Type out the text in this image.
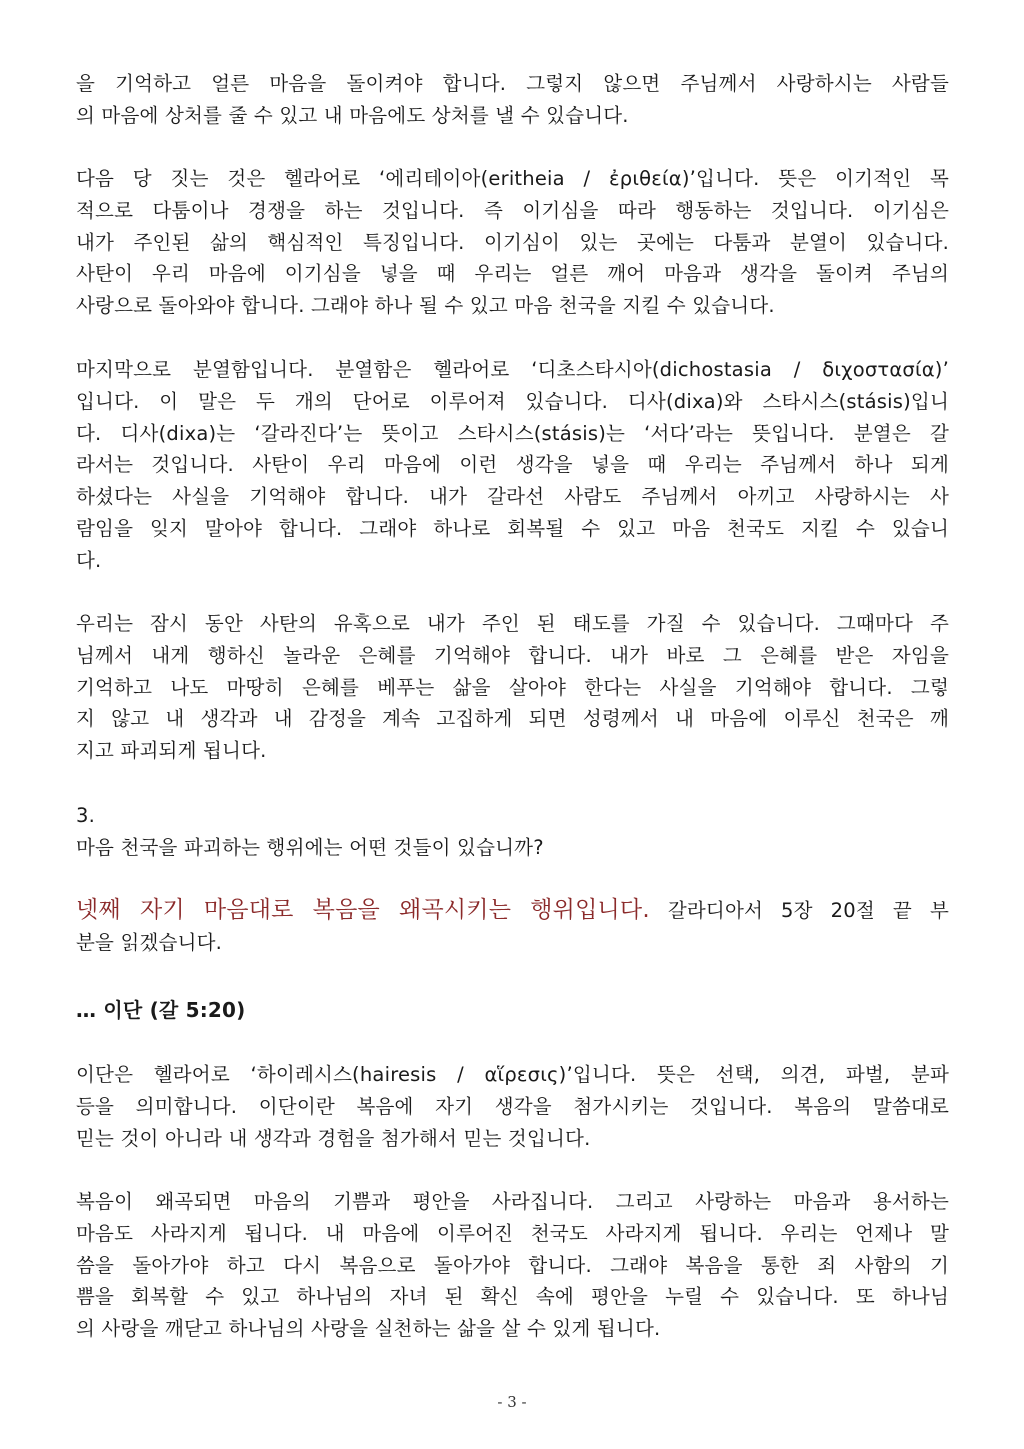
을 기억하고 얼른 마음을 돌이켜야 합니다. 그렇지 않으면 주님께서 사랑하시는 사람들
의 마음에 상처를 줄 수 있고 내 마음에도 상처를 낼 수 있습니다.
다음 당 짓는 것은 헬라어로 ‘에리테이아(eritheia / ἐριθεία)’입니다. 뜻은 이기적인 목
적으로 다툼이나 경쟁을 하는 것입니다. 즉 이기심을 따라 행동하는 것입니다. 이기심은
내가 주인된 삶의 핵심적인 특징입니다. 이기심이 있는 곳에는 다툼과 분열이 있습니다.
사탄이 우리 마음에 이기심을 넣을 때 우리는 얼른 깨어 마음과 생각을 돌이켜 주님의
사랑으로 돌아와야 합니다. 그래야 하나 될 수 있고 마음 천국을 지킬 수 있습니다.
마지막으로 분열함입니다. 분열함은 헬라어로 ‘디초스타시아(dichostasia / διχοστασία)’
입니다. 이 말은 두 개의 단어로 이루어져 있습니다. 디사(dixa)와 스타시스(stásis)입니
다. 디사(dixa)는 ‘갈라진다’는 뜻이고 스타시스(stásis)는 ‘서다’라는 뜻입니다. 분열은 갈
라서는 것입니다. 사탄이 우리 마음에 이런 생각을 넣을 때 우리는 주님께서 하나 되게
하셨다는 사실을 기억해야 합니다. 내가 갈라선 사람도 주님께서 아끼고 사랑하시는 사
람임을 잊지 말아야 합니다. 그래야 하나로 회복될 수 있고 마음 천국도 지킬 수 있습니
다.
우리는 잠시 동안 사탄의 유혹으로 내가 주인 된 태도를 가질 수 있습니다. 그때마다 주
님께서 내게 행하신 놀라운 은혜를 기억해야 합니다. 내가 바로 그 은혜를 받은 자임을
기억하고 나도 마땅히 은혜를 베푸는 삶을 살아야 한다는 사실을 기억해야 합니다. 그렇
지 않고 내 생각과 내 감정을 계속 고집하게 되면 성령께서 내 마음에 이루신 천국은 깨
지고 파괴되게 됩니다.
3.
마음 천국을 파괴하는 행위에는 어떤 것들이 있습니까?
넷째 자기 마음대로 복음을 왜곡시키는 행위입니다. 갈라디아서 5장 20절 끝 부
분을 읽겠습니다.
… 이단 (갈 5:20)
이단은 헬라어로 ‘하이레시스(hairesis / αἵρεσις)’입니다. 뜻은 선택, 의견, 파벌, 분파
등을 의미합니다. 이단이란 복음에 자기 생각을 첨가시키는 것입니다. 복음의 말씀대로
믿는 것이 아니라 내 생각과 경험을 첨가해서 믿는 것입니다.
복음이 왜곡되면 마음의 기쁨과 평안을 사라집니다. 그리고 사랑하는 마음과 용서하는
마음도 사라지게 됩니다. 내 마음에 이루어진 천국도 사라지게 됩니다. 우리는 언제나 말
씀을 돌아가야 하고 다시 복음으로 돌아가야 합니다. 그래야 복음을 통한 죄 사함의 기
쁨을 회복할 수 있고 하나님의 자녀 된 확신 속에 평안을 누릴 수 있습니다. 또 하나님
의 사랑을 깨닫고 하나님의 사랑을 실천하는 삶을 살 수 있게 됩니다.
- 3 -
